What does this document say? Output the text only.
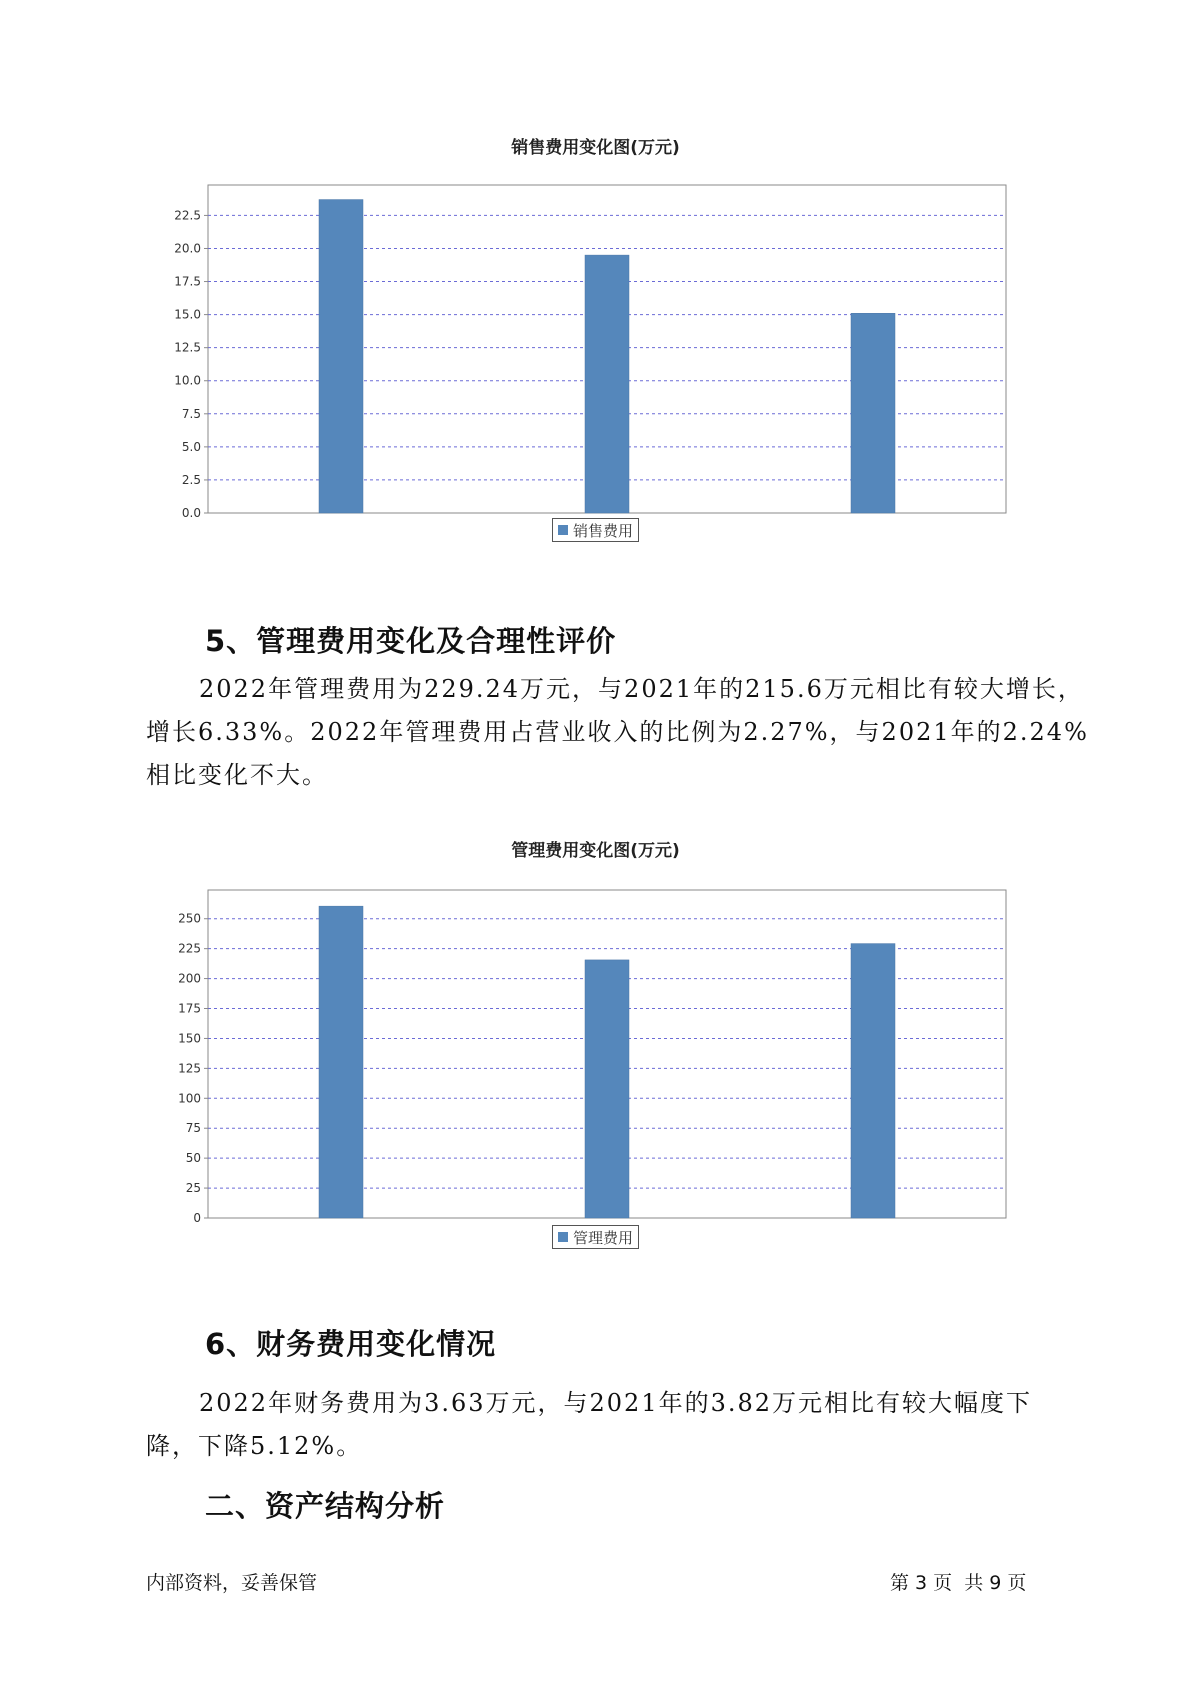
销售费用变化图(万元)
0.0
2.5
5.0
7.5
10.0
12.5
15.0
17.5
20.0
22.5
销售费用
5、管理费用变化及合理性评价
2022年管理费用为229.24万元，与2021年的215.6万元相比有较大增长，
增长6.33%。2022年管理费用占营业收入的比例为2.27%，与2021年的2.24%
相比变化不大。
管理费用变化图(万元)
0
25
50
75
100
125
150
175
200
225
250
管理费用
6、财务费用变化情况
2022年财务费用为3.63万元，与2021年的3.82万元相比有较大幅度下
降，下降5.12%。
二、资产结构分析
内部资料，妥善保管	第 3 页  共 9 页
